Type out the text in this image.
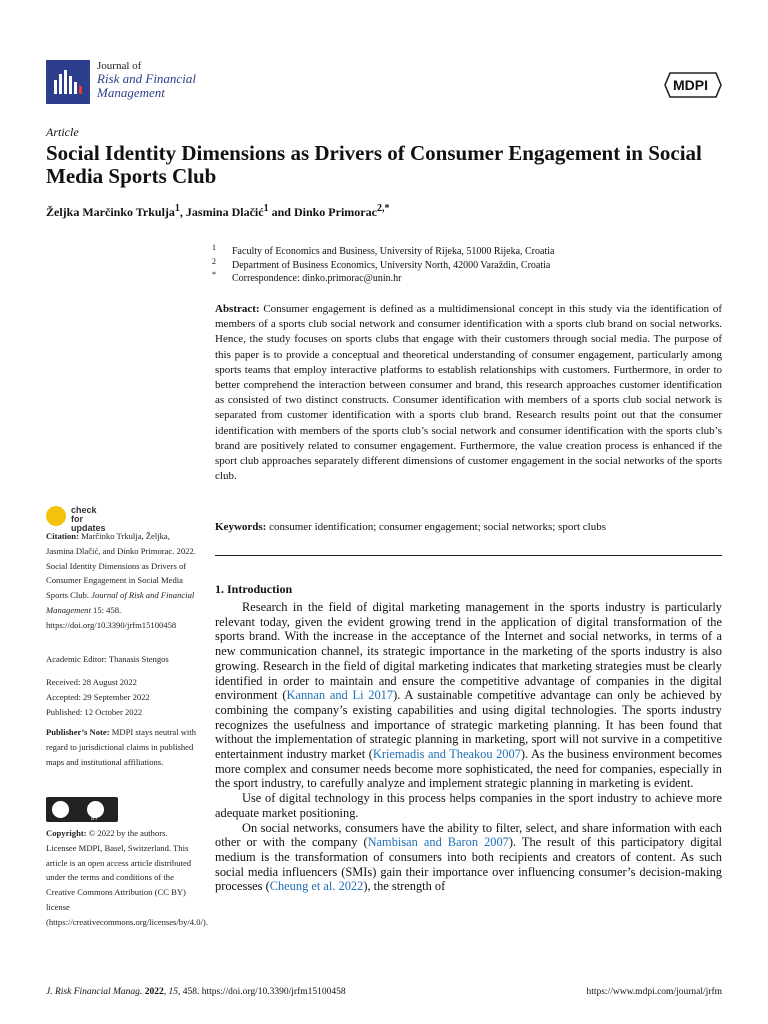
Journal of
Risk and Financial
Management	MDPI
Article
Social Identity Dimensions as Drivers of Consumer Engagement in Social Media Sports Club
Željka Marčinko Trkulja$^1$, Jasmina Dlačić$^1$ and Dinko Primorac$^{2,*}$
1 Faculty of Economics and Business, University of Rijeka, 51000 Rijeka, Croatia
2 Department of Business Economics, University North, 42000 Varaždin, Croatia
* Correspondence: dinko.primorac@unin.hr
Abstract: Consumer engagement is defined as a multidimensional concept in this study via the identification of members of a sports club social network and consumer identification with a sports club brand on social networks. Hence, the study focuses on sports clubs that engage with their customers through social media. The purpose of this paper is to provide a conceptual and theoretical understanding of consumer engagement, particularly among sports teams that employ interactive platforms to establish relationships with customers. Furthermore, in order to better comprehend the interaction between consumer and brand, this research approaches customer identification as consisted of two distinct constructs. Consumer identification with members of a sports club social network is separated from customer identification with a sports club brand. Research results point out that the consumer identification with members of the sports club’s social network and consumer identification with the sports club’s brand are positively related to consumer engagement. Furthermore, the value creation process is enhanced if the sport club approaches separately different dimensions of customer engagement in the social networks of the sports club.
Keywords: consumer identification; consumer engagement; social networks; sport clubs
1. Introduction

Research in the field of digital marketing management in the sports industry is particularly relevant today, given the evident growing trend in the application of digital transformation of the sports brand. With the increase in the acceptance of the Internet and social networks, in terms of a new communication channel, its strategic importance in the marketing of the sports industry is also growing. Research in the field of digital marketing indicates that marketing strategies must be clearly identified in order to maintain and ensure the competitive advantage of companies in the digital environment (Kannan and Li 2017). A sustainable competitive advantage can only be achieved by combining the company’s existing capabilities and using digital technologies. The sports industry recognizes the usefulness and importance of strategic marketing planning. It has been found that without the implementation of strategic planning in marketing, sport will not survive in a competitive entertainment industry market (Kriemadis and Theakou 2007). As the business environment becomes more complex and consumer needs become more sophisticated, the need for companies, especially in the sport industry, to carefully analyze and implement strategic planning in marketing is evident.

Use of digital technology in this process helps companies in the sport industry to achieve more adequate market positioning.

On social networks, consumers have the ability to filter, select, and share information with each other or with the company (Nambisan and Baron 2007). The result of this participatory digital medium is the transformation of consumers into both recipients and creators of content. As such social media influencers (SMIs) gain their importance over influencing consumer’s decision-making processes (Cheung et al. 2022), the strength of

check for
updates
Citation: Marčinko Trkulja, Željka, Jasmina Dlačić, and Dinko Primorac. 2022. Social Identity Dimensions as Drivers of Consumer Engagement in Social Media Sports Club. Journal of Risk and Financial Management 15: 458. https://doi.org/10.3390/jrfm15100458
Academic Editor: Thanasis Stengos
Received: 28 August 2022
Accepted: 29 September 2022
Published: 12 October 2022
Publisher’s Note: MDPI stays neutral with regard to jurisdictional claims in published maps and institutional affiliations.
BY
Copyright: © 2022 by the authors. Licensee MDPI, Basel, Switzerland. This article is an open access article distributed under the terms and conditions of the Creative Commons Attribution (CC BY) license (https://creativecommons.org/licenses/by/4.0/).
J. Risk Financial Manag. 2022, 15, 458. https://doi.org/10.3390/jrfm15100458	https://www.mdpi.com/journal/jrfm
